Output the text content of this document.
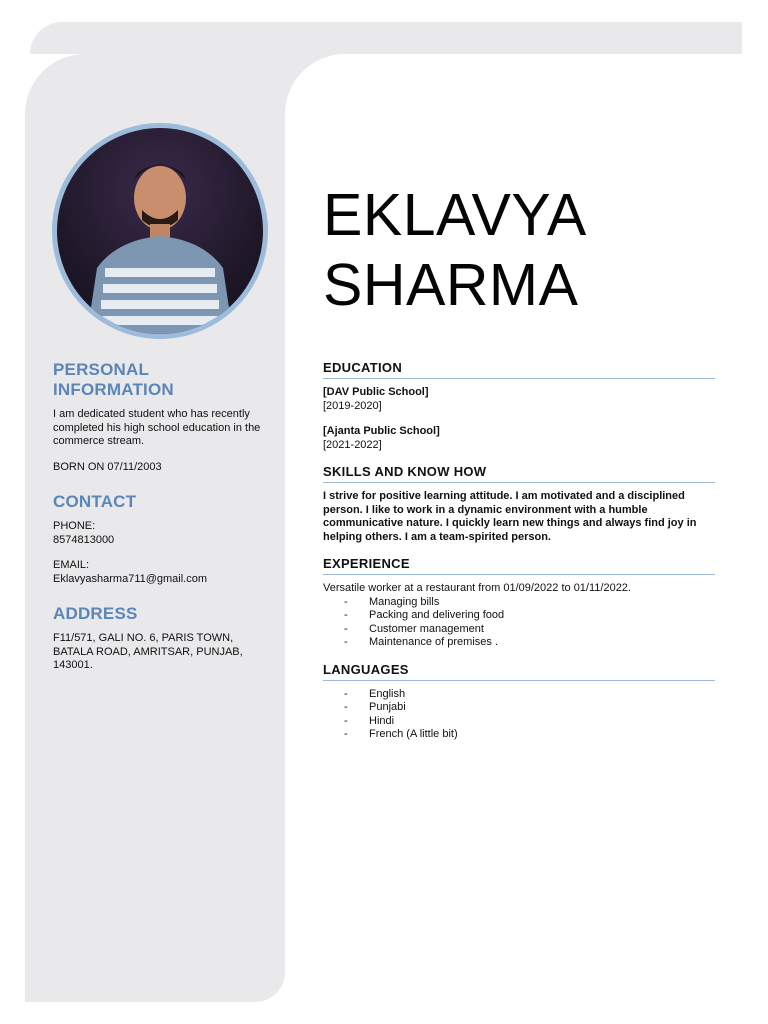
EKLAVYA
SHARMA
PERSONAL
INFORMATION

I am dedicated student who has recently completed his high school education in the commerce stream.

BORN ON 07/11/2003

CONTACT

PHONE:

8574813000

EMAIL:

Eklavyasharma711@gmail.com

ADDRESS

F11/571, GALI NO. 6, PARIS TOWN, BATALA ROAD, AMRITSAR, PUNJAB, 143001.

EDUCATION

[DAV Public School]

[2019-2020]

[Ajanta Public School]

[2021-2022]

SKILLS AND KNOW HOW

I strive for positive learning attitude. I am motivated and a disciplined person. I like to work in a dynamic environment with a humble communicative nature. I quickly learn new things and always find joy in helping others. I am a team-spirited person.

EXPERIENCE

Versatile worker at a restaurant from 01/09/2022 to 01/11/2022.

- Managing bills
- Packing and delivering food
- Customer management
- Maintenance of premises .
LANGUAGES
- English
- Punjabi
- Hindi
- French (A little bit)
